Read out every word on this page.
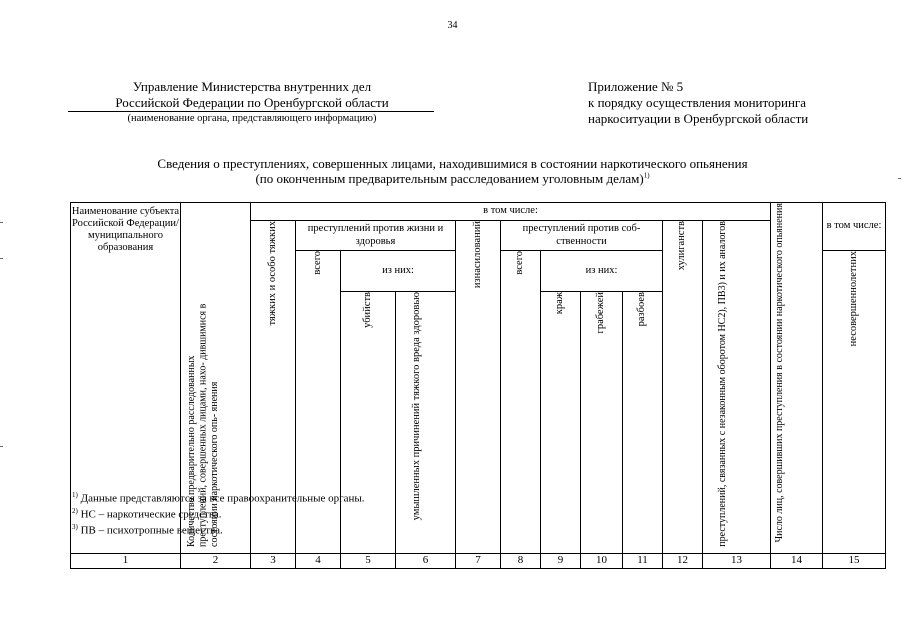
34
Управление Министерства внутренних дел
Российской Федерации по Оренбургской области
(наименование органа, представляющего информацию)
Приложение № 5
к порядку осуществления мониторинга
наркоситуации в Оренбургской области
Сведения о преступлениях, совершенных лицами, находившимися в состоянии наркотического опьянения
(по оконченным предварительным расследованием уголовным делам)$^{1)}$
Наименование субъекта Российской Федерации/ муниципального образования	Количество предварительно расследованных преступлений, совершенных лицами, нахо- дившимися в состоянии наркотического опь- янения	в том числе:											Число лиц, совершивших преступления в состоянии наркотического опьянения	в том числе:

		тяжких и особо тяжких	преступлений против жизни и здоровья			изнасилований	преступлений против соб- ственности				хулиганств	преступлений, связанных с незаконным оборотом НС2), ПВ3) и их аналогов		

			всего	из них:			всего	из них:						несовершеннолетних

				убийств	умышленных причинений тяжкого вреда здоровью			краж	грабежей	разбоев				

1	2	3	4	5	6	7	8	9	10	11	12	13	14	15
$^{1)}$ Данные представляются за все правоохранительные органы.
$^{2)}$ НС – наркотические средства.
$^{3)}$ ПВ – психотропные вещества.
